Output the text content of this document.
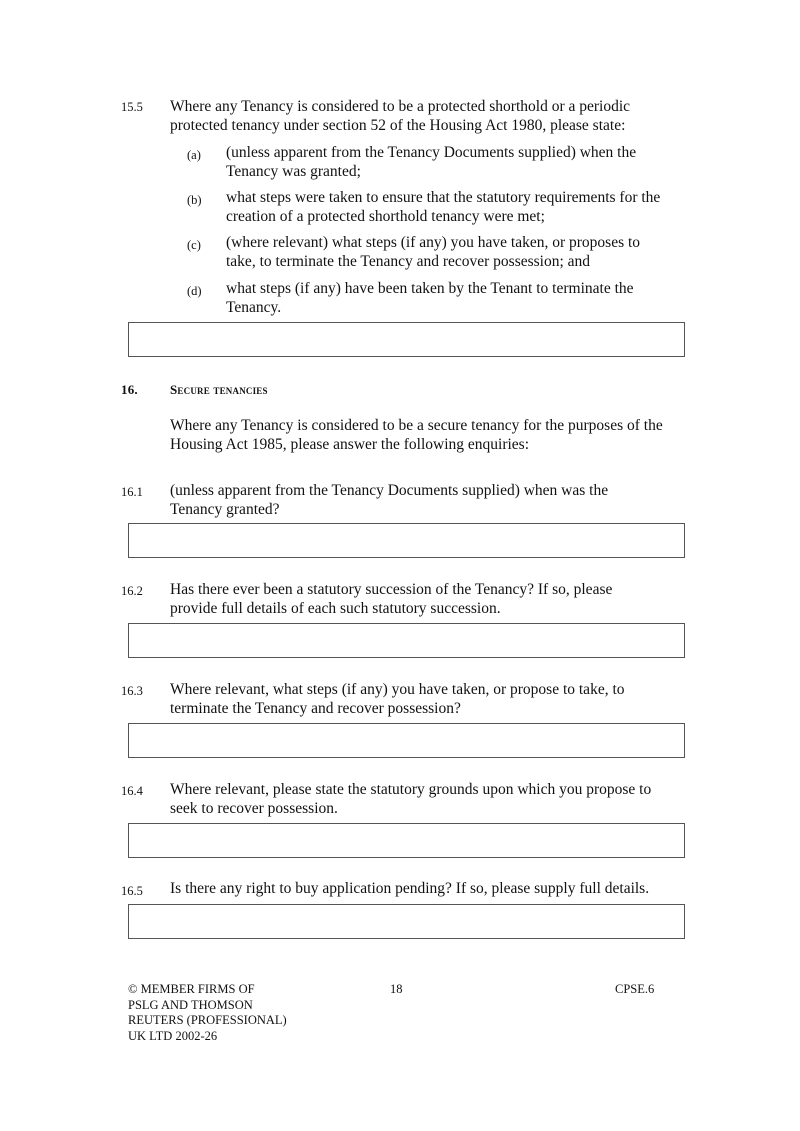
15.5 Where any Tenancy is considered to be a protected shorthold or a periodic protected tenancy under section 52 of the Housing Act 1980, please state:
(a) (unless apparent from the Tenancy Documents supplied) when the Tenancy was granted;
(b) what steps were taken to ensure that the statutory requirements for the creation of a protected shorthold tenancy were met;
(c) (where relevant) what steps (if any) you have taken, or proposes to take, to terminate the Tenancy and recover possession; and
(d) what steps (if any) have been taken by the Tenant to terminate the Tenancy.
16. Secure tenancies
Where any Tenancy is considered to be a secure tenancy for the purposes of the Housing Act 1985, please answer the following enquiries:
16.1 (unless apparent from the Tenancy Documents supplied) when was the Tenancy granted?
16.2 Has there ever been a statutory succession of the Tenancy? If so, please provide full details of each such statutory succession.
16.3 Where relevant, what steps (if any) you have taken, or propose to take, to terminate the Tenancy and recover possession?
16.4 Where relevant, please state the statutory grounds upon which you propose to seek to recover possession.
16.5 Is there any right to buy application pending? If so, please supply full details.
© MEMBER FIRMS OF PSLG AND THOMSON REUTERS (PROFESSIONAL) UK LTD 2002-26
18	CPSE.6
